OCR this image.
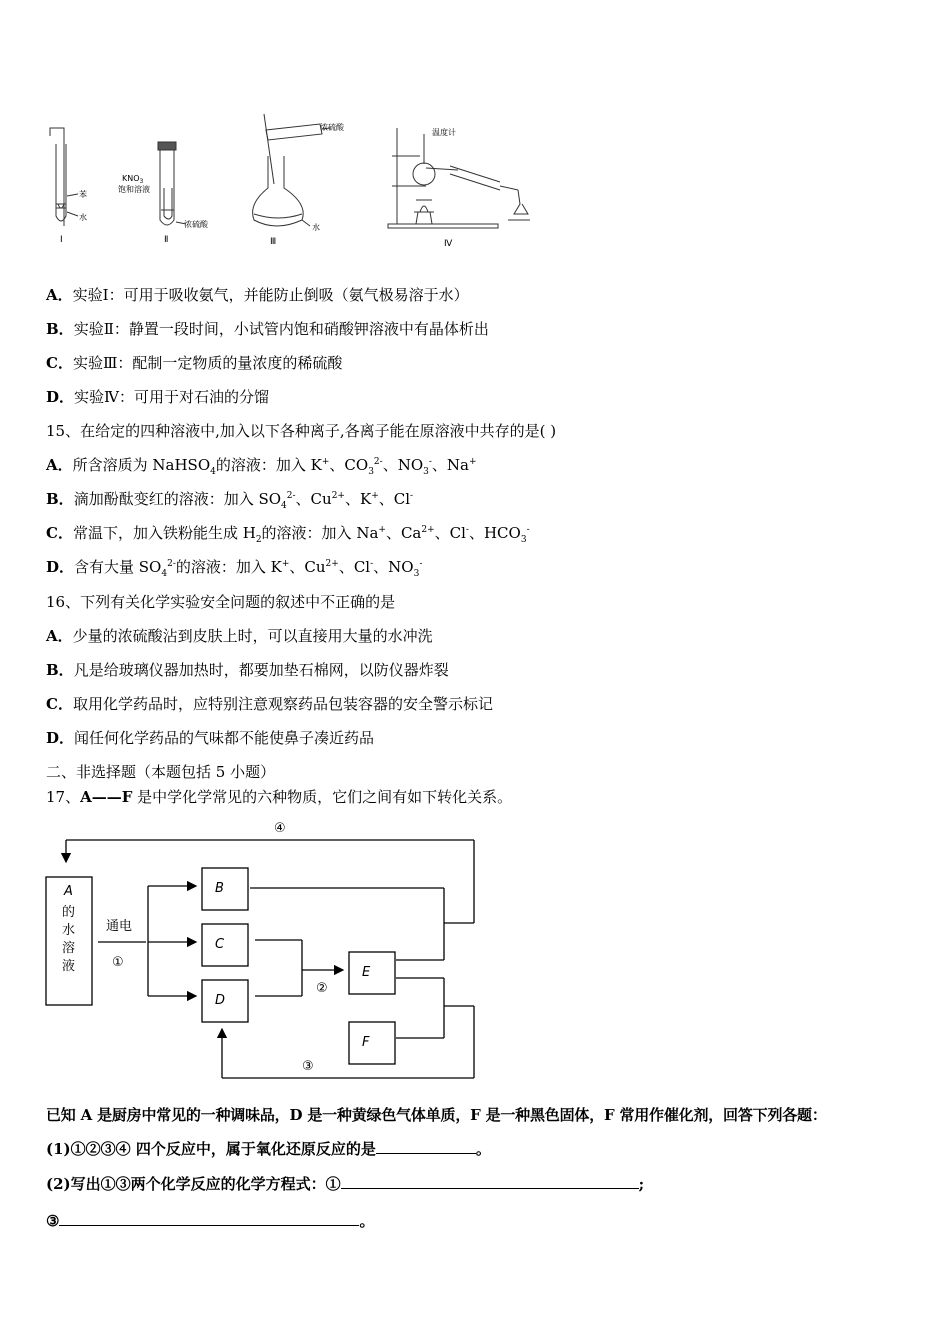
苯
水
Ⅰ
$KNO_3$
饱和溶液
浓硫酸
Ⅱ
浓硫酸
水
Ⅲ
温度计
Ⅳ
A．实验Ⅰ：可用于吸收氨气，并能防止倒吸（氨气极易溶于水）
B．实验Ⅱ：静置一段时间，小试管内饱和硝酸钾溶液中有晶体析出
C．实验Ⅲ：配制一定物质的量浓度的稀硫酸
D．实验Ⅳ：可用于对石油的分馏
15、在给定的四种溶液中,加入以下各种离子,各离子能在原溶液中共存的是( )
A．所含溶质为 NaHSO$_4$的溶液：加入 K+、$CO_3^{2-}$、$NO_3^-$、Na+
B．滴加酚酞变红的溶液：加入 $SO_4^{2-}$、$Cu^{2+}$、K+、Cl-
C．常温下，加入铁粉能生成 $H_2$的溶液：加入 Na+、$Ca^{2+}$、Cl-、$HCO_3^-$
D．含有大量 $SO_4^{2-}$的溶液：加入 K+、$Cu^{2+}$、Cl-、$NO_3^-$
16、下列有关化学实验安全问题的叙述中不正确的是
A．少量的浓硫酸沾到皮肤上时，可以直接用大量的水冲洗
B．凡是给玻璃仪器加热时，都要加垫石棉网，以防仪器炸裂
C．取用化学药品时，应特别注意观察药品包装容器的安全警示标记
D．闻任何化学药品的气味都不能使鼻子凑近药品
二、非选择题（本题包括 5 小题）
17、A——F 是中学化学常见的六种物质，它们之间有如下转化关系。
A
的
水
溶
液
通电
①
②
③
④
B
C
D
E
F
已知 A 是厨房中常见的一种调味品，D 是一种黄绿色气体单质，F 是一种黑色固体，F 常用作催化剂，回答下列各题：
(1)①②③④ 四个反应中，属于氧化还原反应的是	。
(2)写出①③两个化学反应的化学方程式：①	;
③	。
